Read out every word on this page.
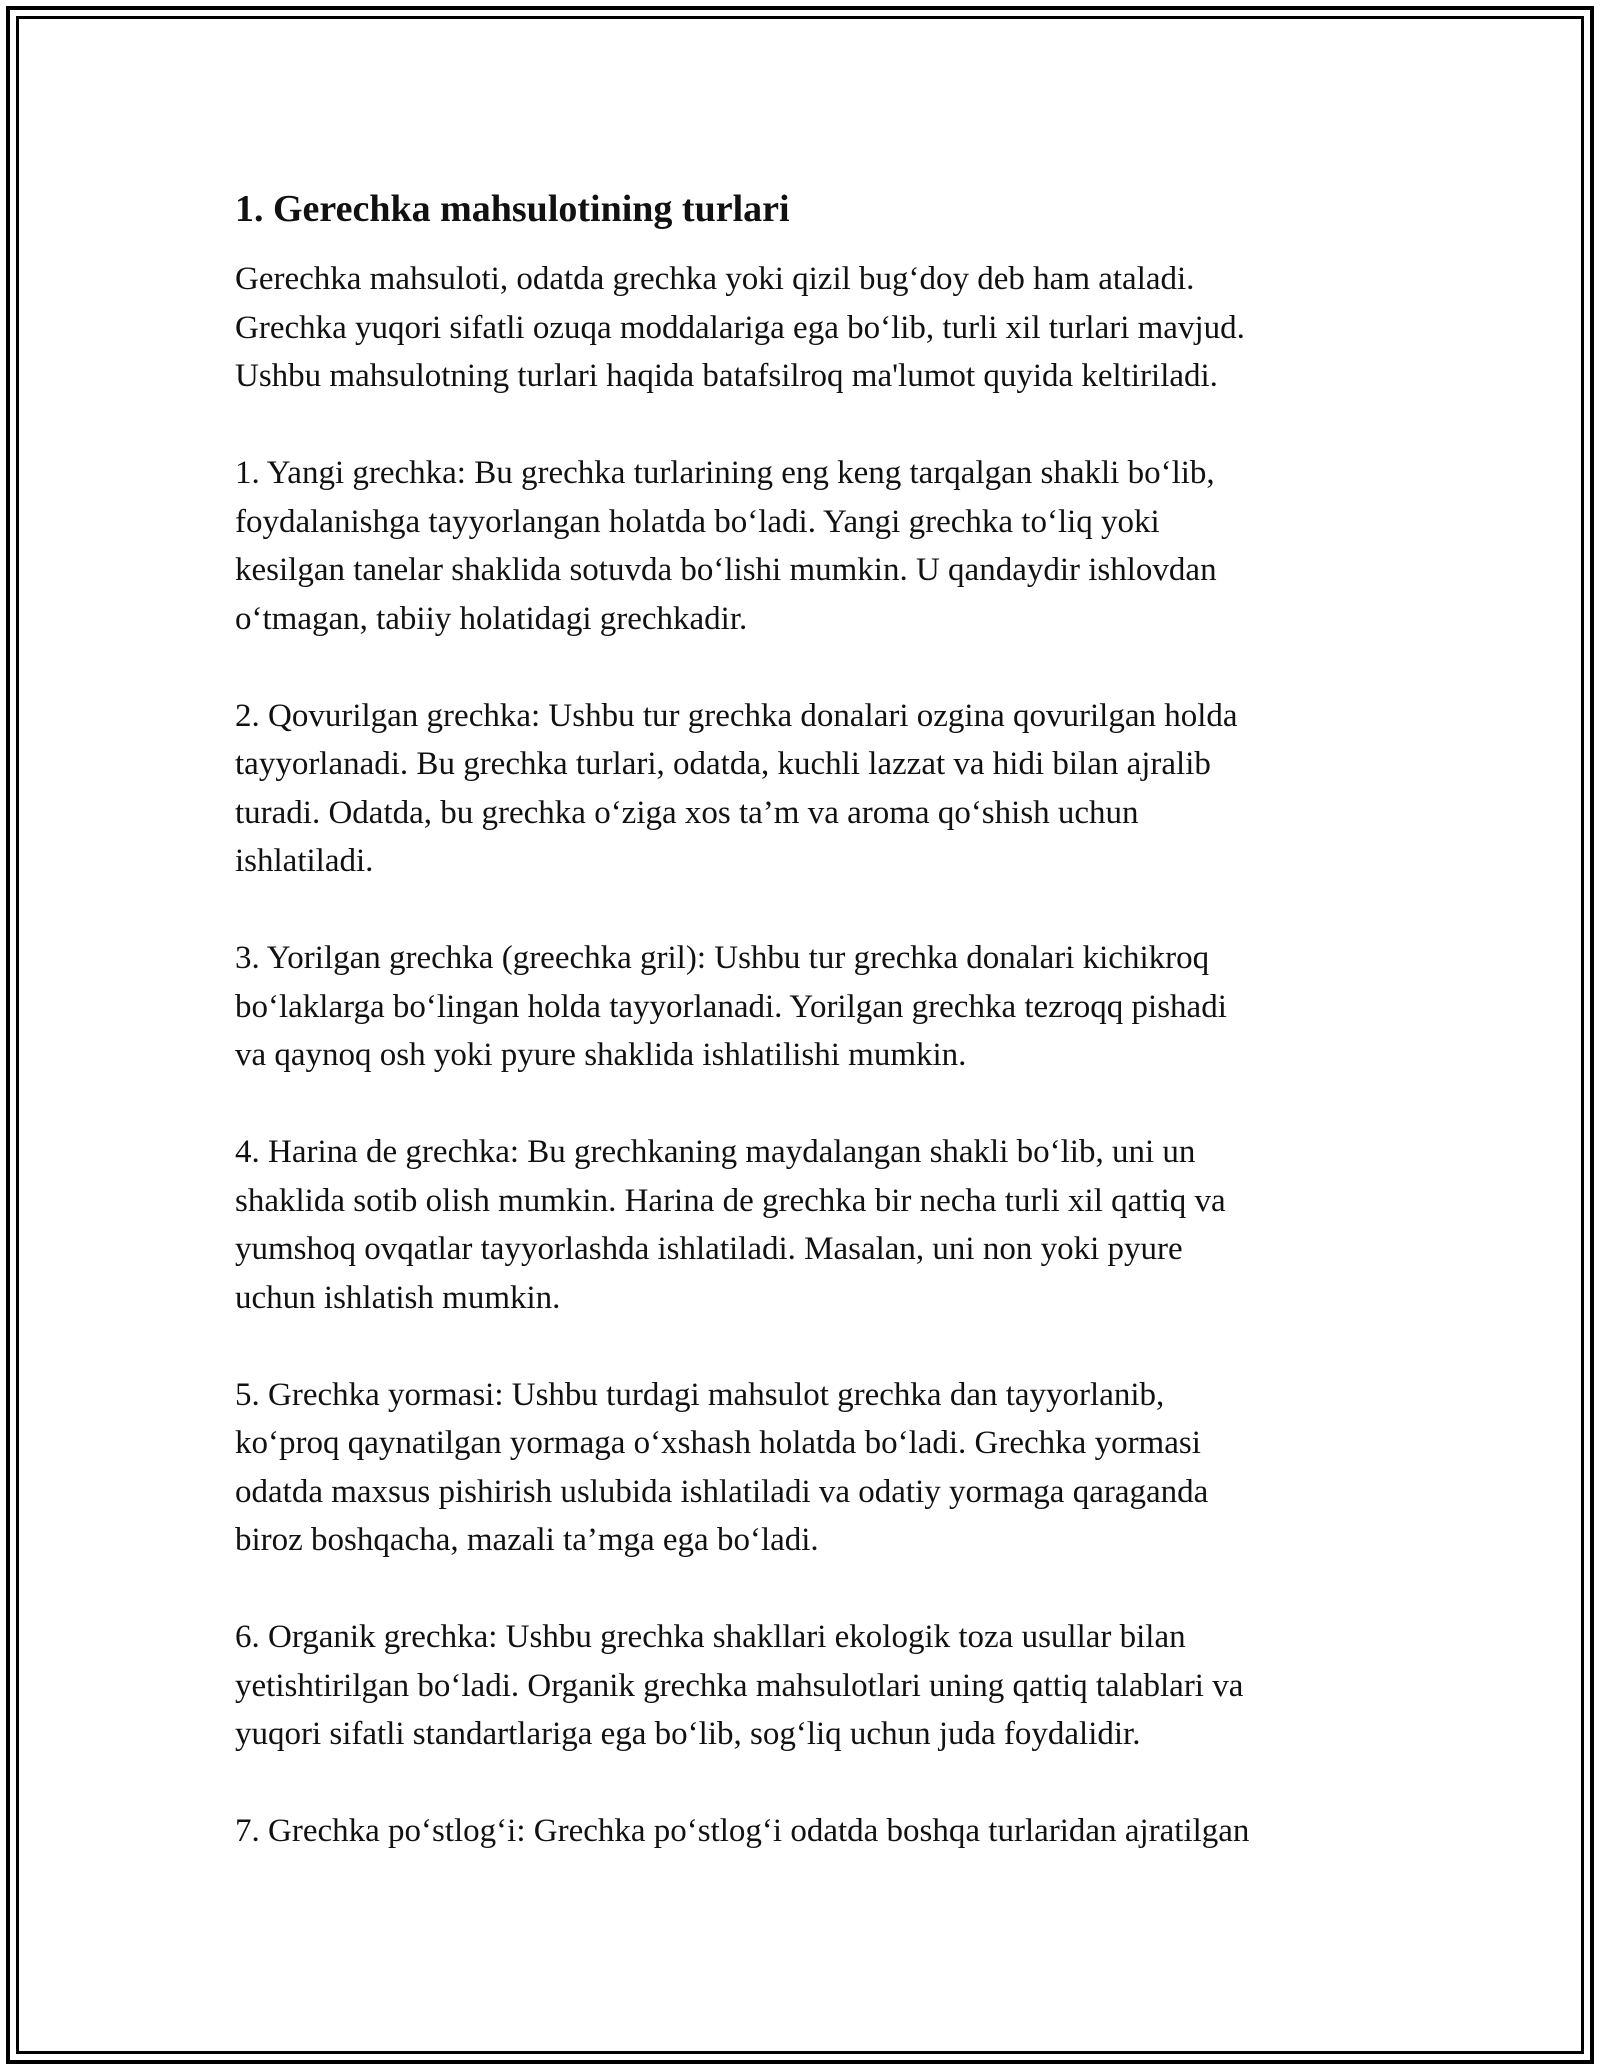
1. Gerechka mahsulotining turlari
Gerechka mahsuloti, odatda grechka yoki qizil bug‘doy deb ham ataladi.
Grechka yuqori sifatli ozuqa moddalariga ega bo‘lib, turli xil turlari mavjud.
Ushbu mahsulotning turlari haqida batafsilroq ma'lumot quyida keltiriladi.
1. Yangi grechka: Bu grechka turlarining eng keng tarqalgan shakli bo‘lib,
foydalanishga tayyorlangan holatda bo‘ladi. Yangi grechka to‘liq yoki
kesilgan tanelar shaklida sotuvda bo‘lishi mumkin. U qandaydir ishlovdan
o‘tmagan, tabiiy holatidagi grechkadir.
2. Qovurilgan grechka: Ushbu tur grechka donalari ozgina qovurilgan holda
tayyorlanadi. Bu grechka turlari, odatda, kuchli lazzat va hidi bilan ajralib
turadi. Odatda, bu grechka o‘ziga xos ta’m va aroma qo‘shish uchun
ishlatiladi.
3. Yorilgan grechka (greechka gril): Ushbu tur grechka donalari kichikroq
bo‘laklarga bo‘lingan holda tayyorlanadi. Yorilgan grechka tezroqq pishadi
va qaynoq osh yoki pyure shaklida ishlatilishi mumkin.
4. Harina de grechka: Bu grechkaning maydalangan shakli bo‘lib, uni un
shaklida sotib olish mumkin. Harina de grechka bir necha turli xil qattiq va
yumshoq ovqatlar tayyorlashda ishlatiladi. Masalan, uni non yoki pyure
uchun ishlatish mumkin.
5. Grechka yormasi: Ushbu turdagi mahsulot grechka dan tayyorlanib,
ko‘proq qaynatilgan yormaga o‘xshash holatda bo‘ladi. Grechka yormasi
odatda maxsus pishirish uslubida ishlatiladi va odatiy yormaga qaraganda
biroz boshqacha, mazali ta’mga ega bo‘ladi.
6. Organik grechka: Ushbu grechka shakllari ekologik toza usullar bilan
yetishtirilgan bo‘ladi. Organik grechka mahsulotlari uning qattiq talablari va
yuqori sifatli standartlariga ega bo‘lib, sog‘liq uchun juda foydalidir.
7. Grechka po‘stlog‘i: Grechka po‘stlog‘i odatda boshqa turlaridan ajratilgan
